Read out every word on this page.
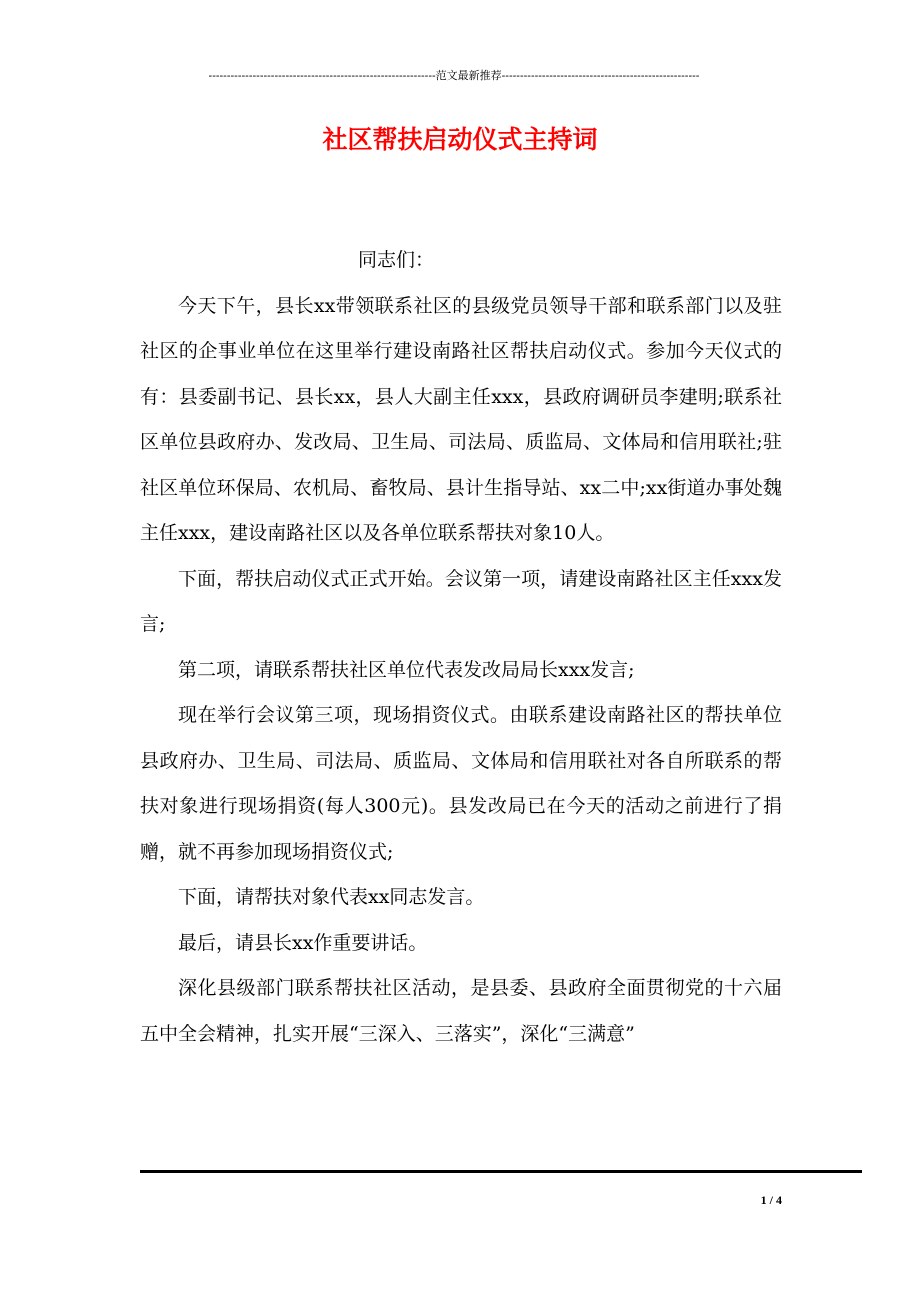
--------------------------------------------------------------范文最新推荐------------------------------------------------------
社区帮扶启动仪式主持词

同志们：

今天下午，县长xx带领联系社区的县级党员领导干部和联系部门以及驻社区的企事业单位在这里举行建设南路社区帮扶启动仪式。参加今天仪式的有：县委副书记、县长xx，县人大副主任xxx，县政府调研员李建明;联系社区单位县政府办、发改局、卫生局、司法局、质监局、文体局和信用联社;驻社区单位环保局、农机局、畜牧局、县计生指导站、xx二中;xx街道办事处魏主任xxx，建设南路社区以及各单位联系帮扶对象10人。

下面，帮扶启动仪式正式开始。会议第一项，请建设南路社区主任xxx发言;

第二项，请联系帮扶社区单位代表发改局局长xxx发言;

现在举行会议第三项，现场捐资仪式。由联系建设南路社区的帮扶单位县政府办、卫生局、司法局、质监局、文体局和信用联社对各自所联系的帮扶对象进行现场捐资(每人300元)。县发改局已在今天的活动之前进行了捐赠，就不再参加现场捐资仪式;

下面，请帮扶对象代表xx同志发言。

最后，请县长xx作重要讲话。

深化县级部门联系帮扶社区活动，是县委、县政府全面贯彻党的十六届五中全会精神，扎实开展“三深入、三落实”，深化“三满意”

1 / 4
